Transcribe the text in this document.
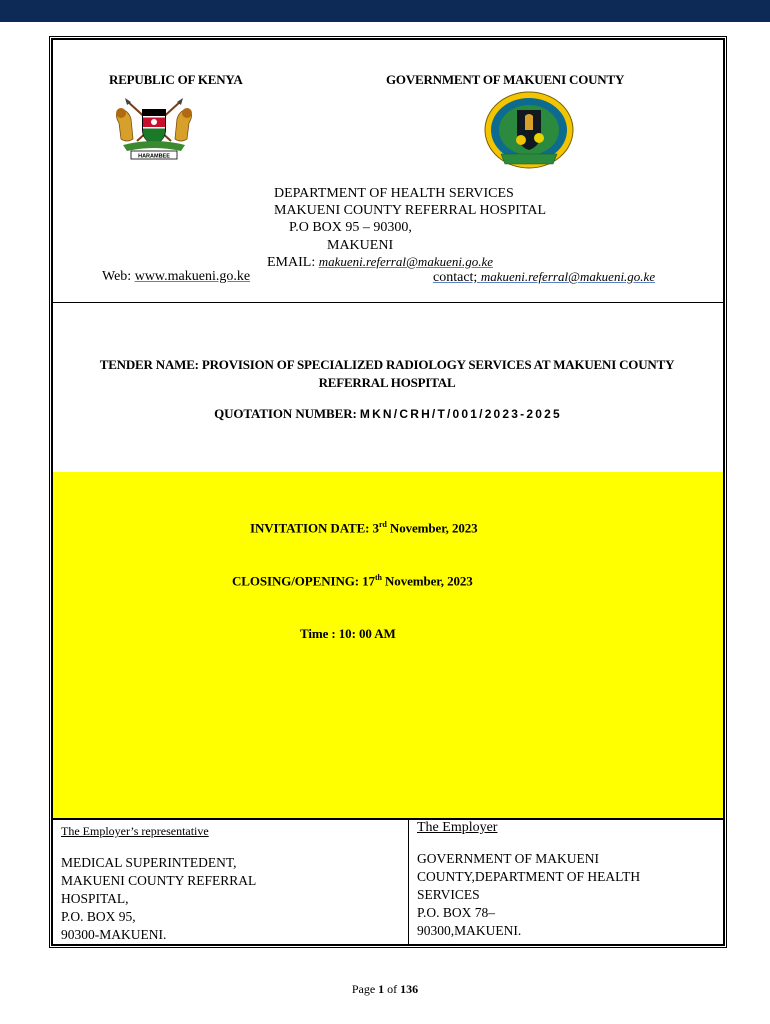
REPUBLIC OF KENYA	GOVERNMENT OF MAKUENI COUNTY
HARAMBEE
DEPARTMENT OF HEALTH SERVICES
MAKUENI COUNTY REFERRAL HOSPITAL
P.O BOX 95 – 90300,
MAKUENI
EMAIL: makueni.referral@makueni.go.ke
Web: www.makueni.go.ke	contact; makueni.referral@makueni.go.ke
TENDER NAME: PROVISION OF SPECIALIZED RADIOLOGY SERVICES AT MAKUENI COUNTY
REFERRAL HOSPITAL
QUOTATION NUMBER: MKN/CRH/T/001/2023-2025
INVITATION DATE: 3rd November, 2023
CLOSING/OPENING: 17th November, 2023
Time : 10: 00 AM
The Employer’s representative
MEDICAL SUPERINTEDENT,
MAKUENI COUNTY REFERRAL
HOSPITAL,
P.O. BOX 95,
90300-MAKUENI.
The Employer
GOVERNMENT OF MAKUENI
COUNTY,DEPARTMENT OF HEALTH
SERVICES
P.O. BOX 78–
90300,MAKUENI.
Page 1 of 136
